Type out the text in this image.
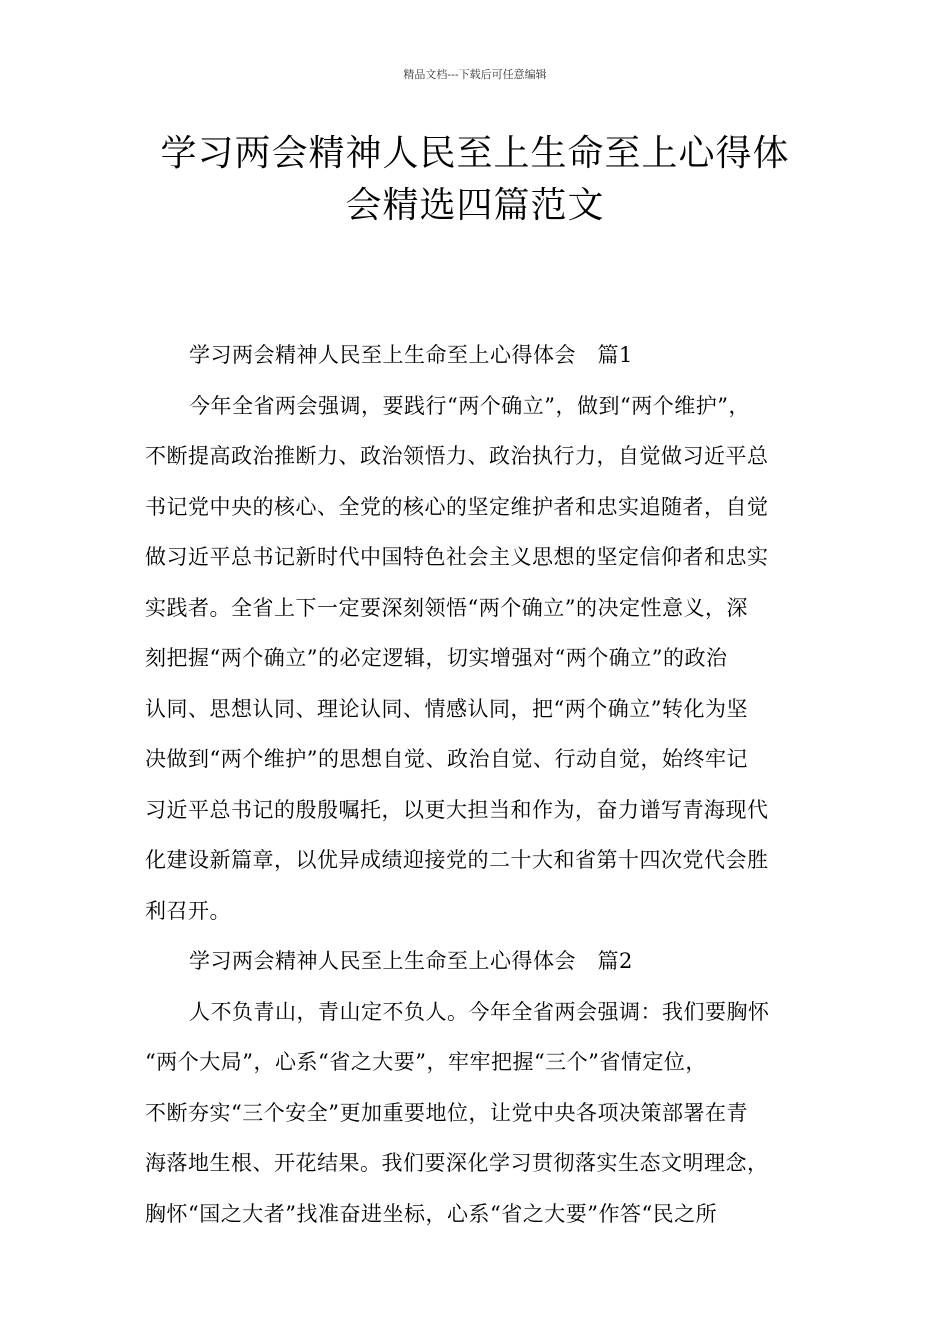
精品文档---下载后可任意编辑
学习两会精神人民至上生命至上心得体
会精选四篇范文
学习两会精神人民至上生命至上心得体会　篇1
今年全省两会强调，要践行“两个确立”，做到“两个维护”，
不断提高政治推断力、政治领悟力、政治执行力，自觉做习近平总
书记党中央的核心、全党的核心的坚定维护者和忠实追随者，自觉
做习近平总书记新时代中国特色社会主义思想的坚定信仰者和忠实
实践者。全省上下一定要深刻领悟“两个确立”的决定性意义，深
刻把握“两个确立”的必定逻辑，切实增强对“两个确立”的政治
认同、思想认同、理论认同、情感认同，把“两个确立”转化为坚
决做到“两个维护”的思想自觉、政治自觉、行动自觉，始终牢记
习近平总书记的殷殷嘱托，以更大担当和作为，奋力谱写青海现代
化建设新篇章，以优异成绩迎接党的二十大和省第十四次党代会胜
利召开。
学习两会精神人民至上生命至上心得体会　篇2
人不负青山，青山定不负人。今年全省两会强调：我们要胸怀
“两个大局”，心系“省之大要”，牢牢把握“三个”省情定位，
不断夯实“三个安全”更加重要地位，让党中央各项决策部署在青
海落地生根、开花结果。我们要深化学习贯彻落实生态文明理念，
胸怀“国之大者”找准奋进坐标，心系“省之大要”作答“民之所
